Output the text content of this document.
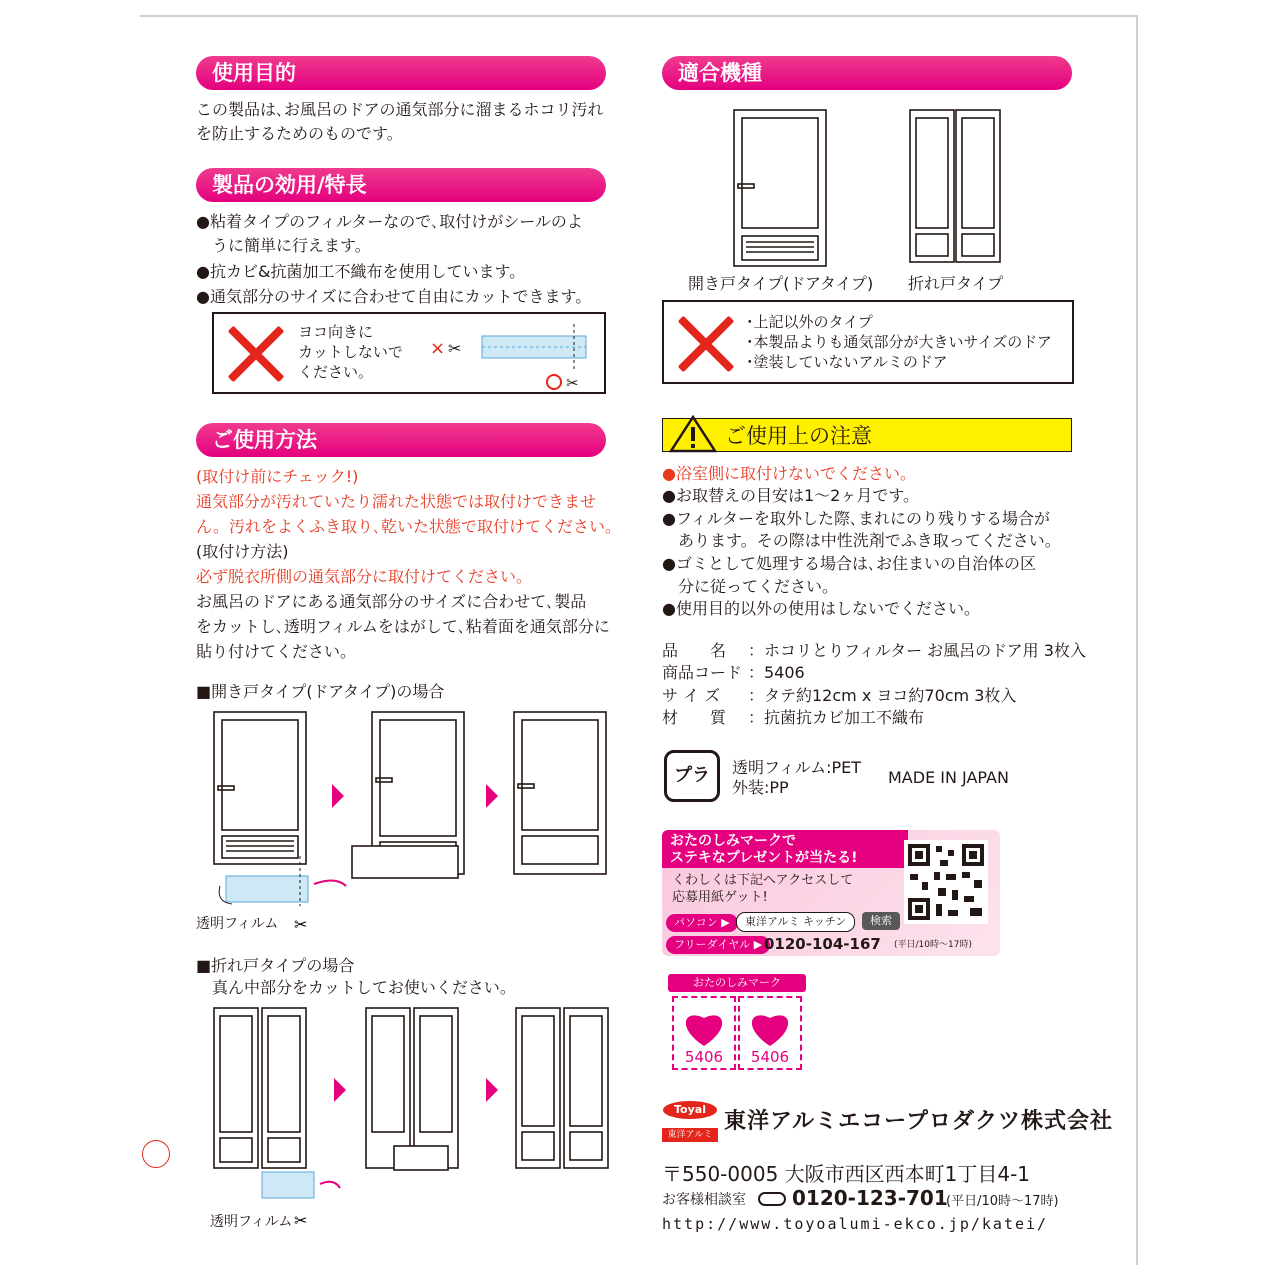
使用目的
この製品は､お風呂のドアの通気部分に溜まるホコリ汚れ
を防止するためのものです。
製品の効用/特長
●粘着タイプのフィルターなので､取付けがシールのよ
　うに簡単に行えます。
●抗カビ&抗菌加工不織布を使用しています。
●通気部分のサイズに合わせて自由にカットできます。
ヨコ向きに
カットしないで
ください。
× ✂
✂
ご使用方法
(取付け前にチェック!)
通気部分が汚れていたり濡れた状態では取付けできませ
ん。汚れをよくふき取り､乾いた状態で取付けてください。
(取付け方法)
必ず脱衣所側の通気部分に取付けてください。
お風呂のドアにある通気部分のサイズに合わせて､製品
をカットし､透明フィルムをはがして､粘着面を通気部分に
貼り付けてください。
■開き戸タイプ(ドアタイプ)の場合
✂
透明フィルム
■折れ戸タイプの場合
　真ん中部分をカットしてお使いください。
✂
透明フィルム
適合機種
開き戸タイプ(ドアタイプ) 折れ戸タイプ
･上記以外のタイプ
･本製品よりも通気部分が大きいサイズのドア
･塗装していないアルミのドア
ご使用上の注意
●浴室側に取付けないでください。
●お取替えの目安は1～2ヶ月です。
●フィルターを取外した際､まれにのり残りする場合が
　あります。その際は中性洗剤でふき取ってください。
●ゴミとして処理する場合は､お住まいの自治体の区
　分に従ってください。
●使用目的以外の使用はしないでください。
品　　名 ：ホコリとりフィルター お風呂のドア用 3枚入
商品コード ：5406
サ イ ズ ：タテ約12cm x ヨコ約70cm 3枚入
材　　質 ：抗菌抗カビ加工不織布
プラ	透明フィルム:PET
外装:PP
MADE IN JAPAN
おたのしみマークで
ステキなプレゼントが当たる!
くわしくは下記へアクセスして
応募用紙ゲット!
パソコン ▶	東洋アルミ キッチン	検索
フリーダイヤル ▶ 0120-104-167 (平日/10時～17時)
おたのしみマーク
5406	5406
Toyal
東洋アルミ
東洋アルミエコープロダクツ株式会社
〒550-0005 大阪市西区西本町1丁目4-1
お客様相談室 0120-123-701
(平日/10時～17時)
http://www.toyoalumi-ekco.jp/katei/
